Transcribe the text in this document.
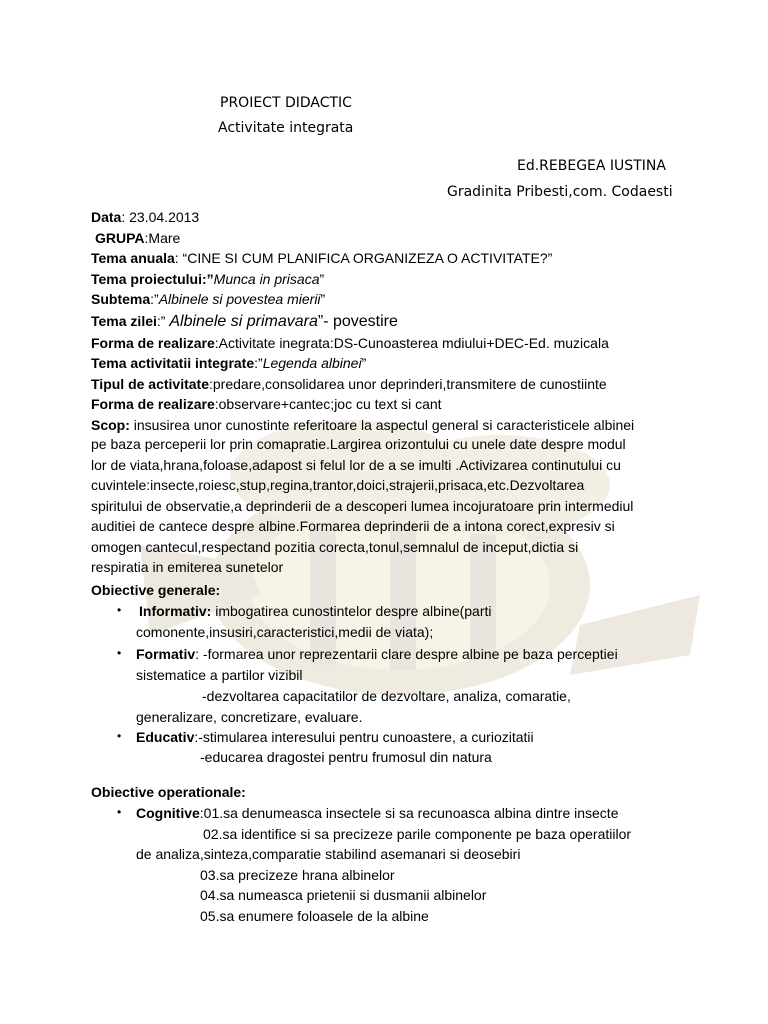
PROIECT DIDACTIC
Activitate integrata
Ed.REBEGEA IUSTINA
Gradinita Pribesti,com. Codaesti
Data: 23.04.2013
GRUPA:Mare
Tema anuala: “CINE SI CUM PLANIFICA ORGANIZEZA O ACTIVITATE?”
Tema proiectului:”Munca in prisaca”
Subtema:”Albinele si povestea mierii”
Tema zilei:” Albinele si primavara”- povestire
Forma de realizare:Activitate inegrata:DS-Cunoasterea mdiului+DEC-Ed. muzicala
Tema activitatii integrate:”Legenda albinei”
Tipul de activitate:predare,consolidarea unor deprinderi,transmitere de cunostiinte
Forma de realizare:observare+cantec;joc cu text si cant
Scop: insusirea unor cunostinte referitoare la aspectul general si caracteristicele albinei
pe baza perceperii lor prin comapratie.Largirea orizontului cu unele date despre modul
lor de viata,hrana,foloase,adapost si felul lor de a se imulti .Activizarea continutului cu
cuvintele:insecte,roiesc,stup,regina,trantor,doici,strajerii,prisaca,etc.Dezvoltarea
spiritului de observatie,a deprinderii de a descoperi lumea incojuratoare prin intermediul
auditiei de cantece despre albine.Formarea deprinderii de a intona corect,expresiv si
omogen cantecul,respectand pozitia corecta,tonul,semnalul de inceput,dictia si
respiratia in emiterea sunetelor
Obiective generale:
• Informativ: imbogatirea cunostintelor despre albine(parti
comonente,insusiri,caracteristici,medii de viata);
• Formativ: -formarea unor reprezentarii clare despre albine pe baza perceptiei
sistematice a partilor vizibil
-dezvoltarea capacitatilor de dezvoltare, analiza, comaratie,
generalizare, concretizare, evaluare.
• Educativ:-stimularea interesului pentru cunoastere, a curiozitatii
-educarea dragostei pentru frumosul din natura
Obiective operationale:
• Cognitive:01.sa denumeasca insectele si sa recunoasca albina dintre insecte
02.sa identifice si sa precizeze parile componente pe baza operatiilor
de analiza,sinteza,comparatie stabilind asemanari si deosebiri
03.sa precizeze hrana albinelor
04.sa numeasca prietenii si dusmanii albinelor
05.sa enumere foloasele de la albine
